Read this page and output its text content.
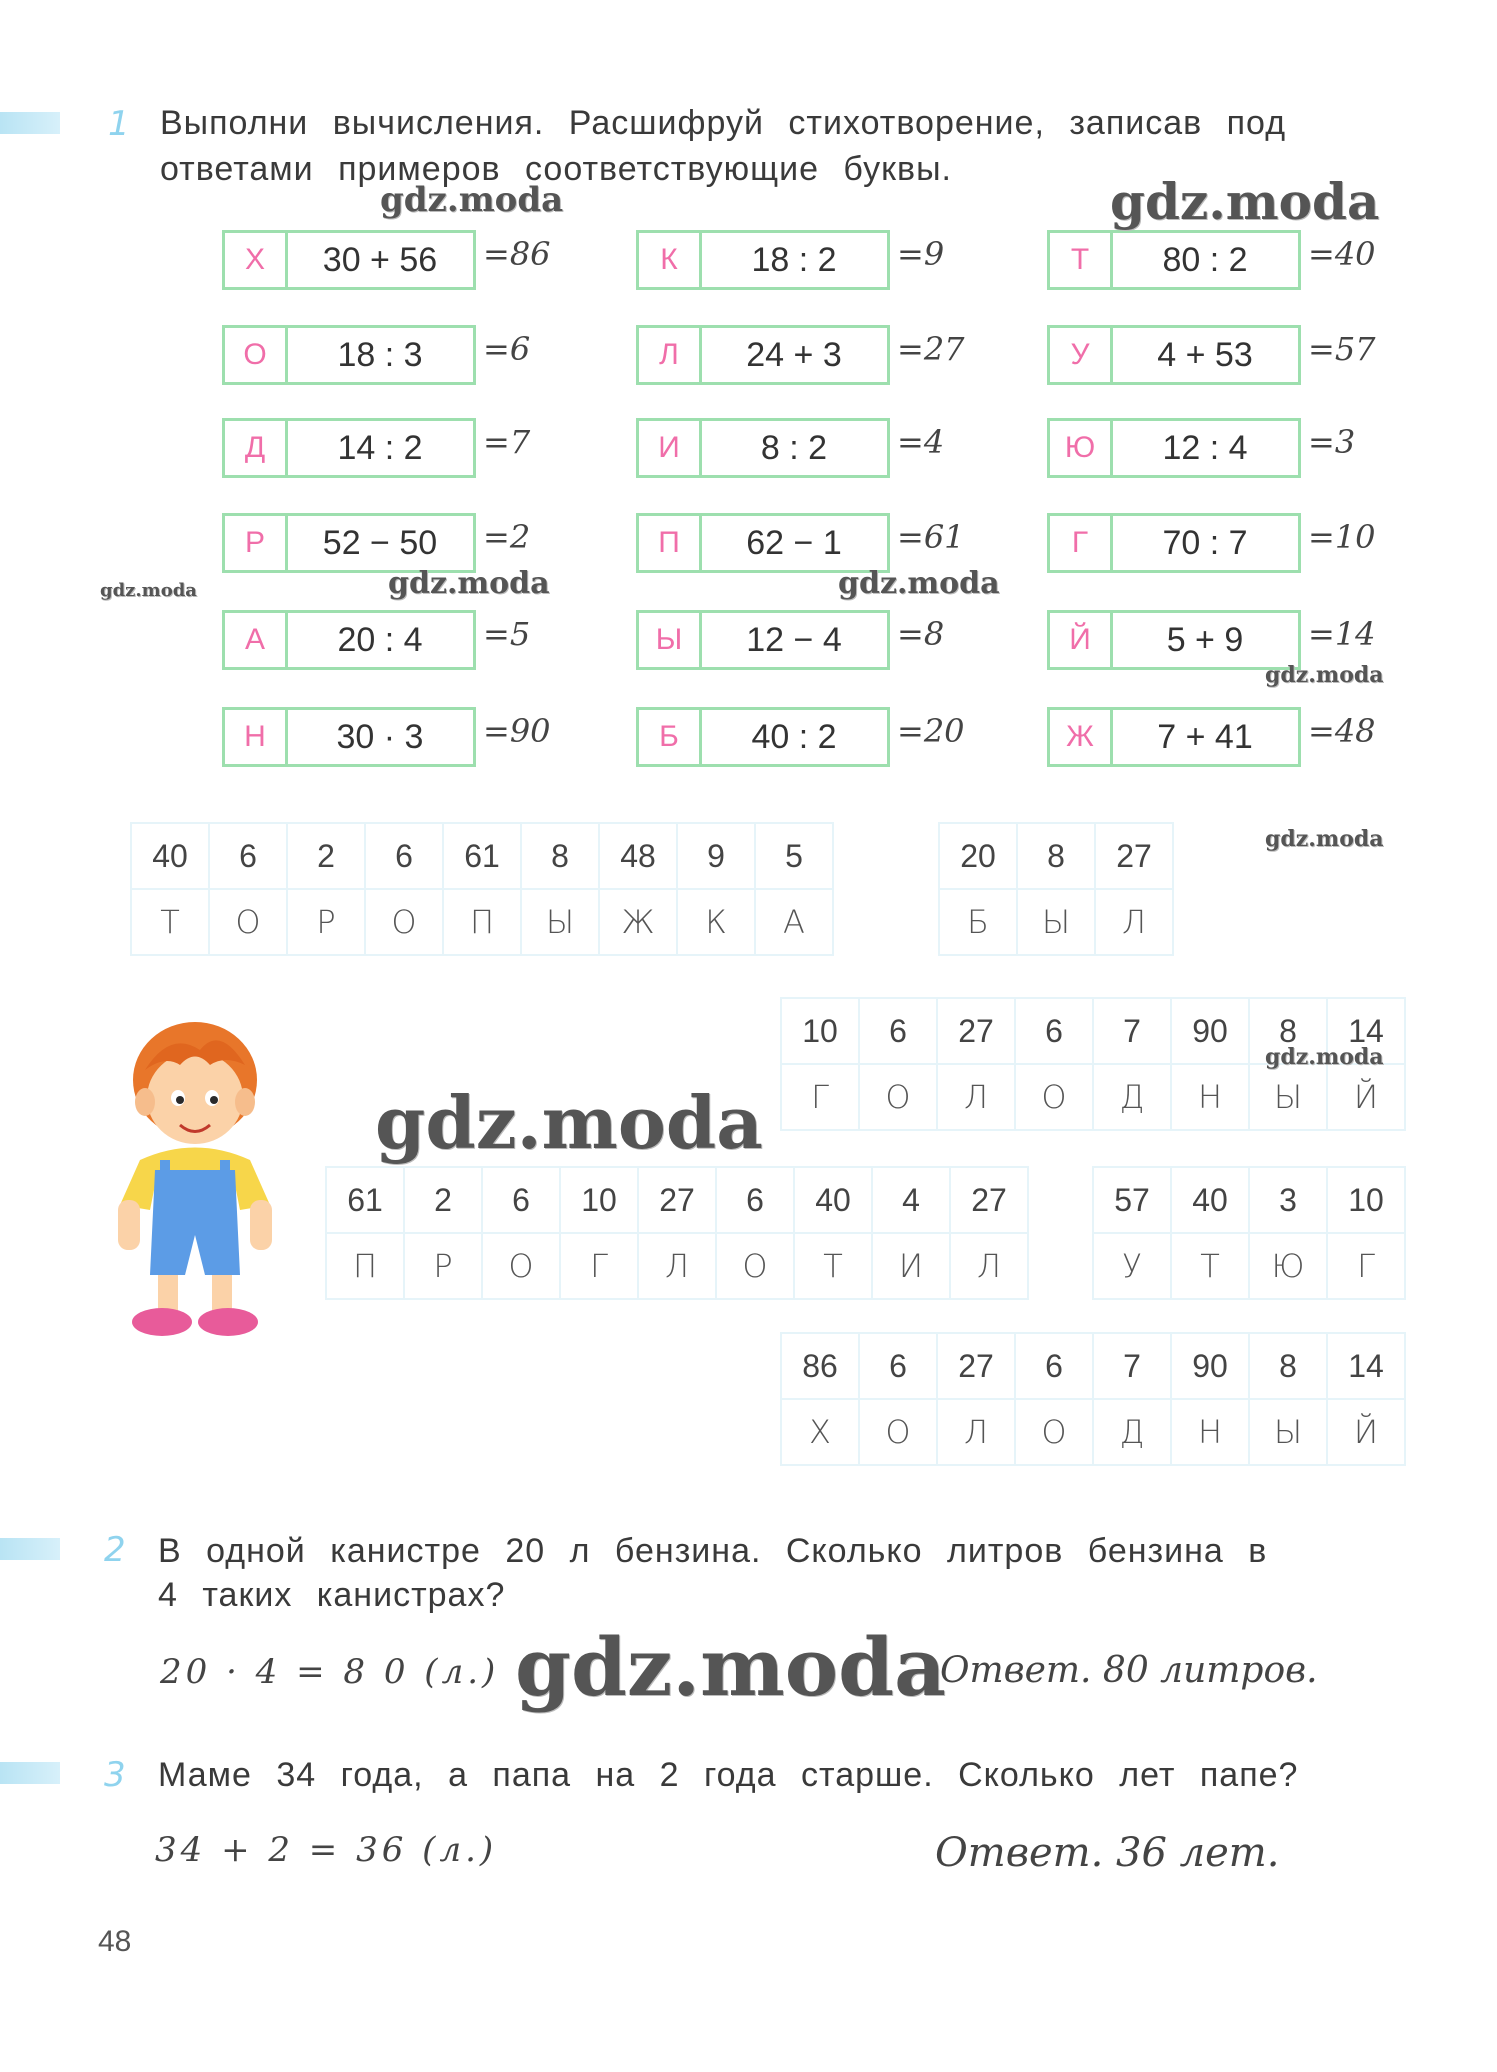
1 Выполни вычисления. Расшифруй стихотворение, записав под
ответами примеров соответствующие буквы.
Х	30 + 56	=86
О	18 : 3	=6
Д	14 : 2	=7
Р	52 − 50	=2
А	20 : 4	=5
Н	30 · 3	=90
К	18 : 2	=9
Л	24 + 3	=27
И	8 : 2	=4
П	62 − 1	=61
Ы	12 − 4	=8
Б	40 : 2	=20
Т	80 : 2	=40
У	4 + 53	=57
Ю	12 : 4	=3
Г	70 : 7	=10
Й	5 + 9	=14
Ж	7 + 41	=48
40	6	2	6	61	8	48	9	5
Т	О	Р	О	П	Ы	Ж	К	А
20	8	27
Б	Ы	Л
10	6	27	6	7	90	8	14
Г	О	Л	О	Д	Н	Ы	Й
61	2	6	10	27	6	40	4	27
П	Р	О	Г	Л	О	Т	И	Л
57	40	3	10
У	Т	Ю	Г
86	6	27	6	7	90	8	14
Х	О	Л	О	Д	Н	Ы	Й
2 В одной канистре 20 л бензина. Сколько литров бензина в
4 таких канистрах?
20 · 4 = 8 0 (л.)	Ответ. 80 литров.
3 Маме 34 года, а папа на 2 года старше. Сколько лет папе?
34 + 2 = 36 (л.)	Ответ. 36 лет.
gdz.moda	gdz.moda
gdz.moda	gdz.moda	gdz.moda
gdz.moda
gdz.moda
gdz.moda
gdz.moda
gdz.moda
48
